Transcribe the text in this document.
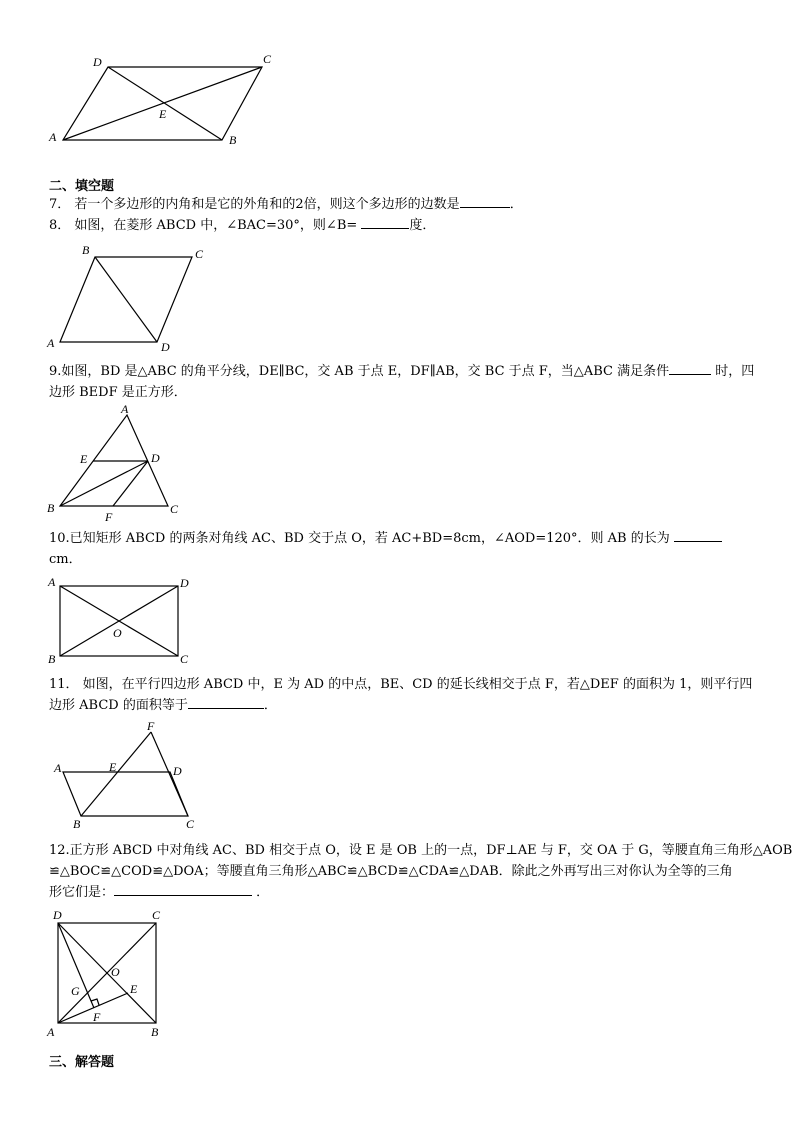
D	C
E
A	B
二、填空题
7． 若一个多边形的内角和是它的外角和的2倍，则这个多边形的边数是	．
8． 如图，在菱形 ABCD 中，∠BAC=30°，则∠B=	度．
B	C
A	D
9.如图，BD 是△ABC 的角平分线，DE∥BC，交 AB 于点 E，DF∥AB，交 BC 于点 F，当△ABC 满足条件	时，四
边形 BEDF 是正方形．
A
E	D
B	C
F
10.已知矩形 ABCD 的两条对角线 AC、BD 交于点 O，若 AC+BD=8cm，∠AOD=120°．则 AB 的长为
cm．
A	D
O
B	C
11． 如图，在平行四边形 ABCD 中，E 为 AD 的中点，BE、CD 的延长线相交于点 F，若△DEF 的面积为 1，则平行四
边形 ABCD 的面积等于	．
F
A	E	D
B	C
12.正方形 ABCD 中对角线 AC、BD 相交于点 O，设 E 是 OB 上的一点，DF⊥AE 与 F，交 OA 于 G，等腰直角三角形△AOB
≌△BOC≌△COD≌△DOA；等腰直角三角形△ABC≌△BCD≌△CDA≌△DAB．除此之外再写出三对你认为全等的三角
形它们是：	．
D	C
O
G	E
F
A	B
三、解答题
